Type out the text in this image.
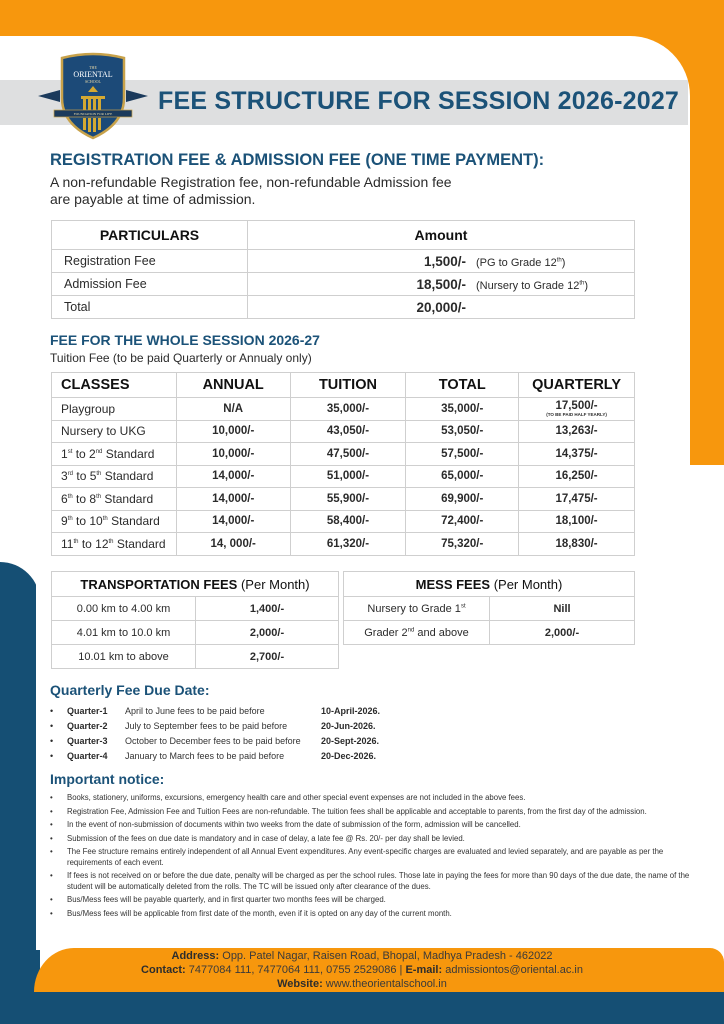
THE
ORIENTAL
SCHOOL
FOUNDATION FOR LIFE FEE STRUCTURE FOR SESSION 2026-2027
REGISTRATION FEE & ADMISSION FEE (ONE TIME PAYMENT):
A non-refundable Registration fee, non-refundable Admission fee
are payable at time of admission.
PARTICULARS	Amount
Registration Fee	1,500/- (PG to Grade 12th)
Admission Fee	18,500/- (Nursery to Grade 12th)
Total	20,000/-
FEE FOR THE WHOLE SESSION 2026-27
Tuition Fee (to be paid Quarterly or Annualy only)
CLASSES	ANNUAL	TUITION	TOTAL	QUARTERLY
Playgroup	N/A	35,000/-	35,000/-	17,500/-
(TO BE PAID HALF YEARLY)

Nursery to UKG	10,000/-	43,050/-	53,050/-	13,263/-
1st to 2nd Standard	10,000/-	47,500/-	57,500/-	14,375/-
3rd to 5th Standard	14,000/-	51,000/-	65,000/-	16,250/-
6th to 8th Standard	14,000/-	55,900/-	69,900/-	17,475/-
9th to 10th Standard	14,000/-	58,400/-	72,400/-	18,100/-
11th to 12th Standard	14, 000/-	61,320/-	75,320/-	18,830/-
TRANSPORTATION FEES (Per Month)	
0.00 km to 4.00 km	1,400/-
4.01 km to 10.0 km	2,000/-
10.01 km to above	2,700/-
MESS FEES (Per Month)	
Nursery to Grade 1st	Nill
Grader 2nd and above	2,000/-
Quarterly Fee Due Date:
• Quarter-1 April to June fees to be paid before	10-April-2026.
• Quarter-2 July to September fees to be paid before	20-Jun-2026.
• Quarter-3 October to December fees to be paid before 20-Sept-2026.
• Quarter-4 January to March fees to be paid before	20-Dec-2026.
Important notice:
• Books, stationery, uniforms, excursions, emergency health care and other special event expenses are not included in the above fees.
• Registration Fee, Admission Fee and Tuition Fees are non-refundable. The tuition fees shall be applicable and acceptable to parents, from the first day of the admission.
• In the event of non-submission of documents within two weeks from the date of submission of the form, admission will be cancelled.
• Submission of the fees on due date is mandatory and in case of delay, a late fee @ Rs. 20/- per day shall be levied.
• The Fee structure remains entirely independent of all Annual Event expenditures. Any event-specific charges are evaluated and levied separately, and are payable as per the requirements of each event.
• If fees is not received on or before the due date, penalty will be charged as per the school rules. Those late in paying the fees for more than 90 days of the due date, the name of the student will be automatically deleted from the rolls. The TC will be issued only after clearance of the dues.
• Bus/Mess fees will be payable quarterly, and in first quarter two months fees will be charged.
• Bus/Mess fees will be applicable from first date of the month, even if it is opted on any day of the current month.
Address: Opp. Patel Nagar, Raisen Road, Bhopal, Madhya Pradesh - 462022
Contact: 7477084 111, 7477064 111, 0755 2529086 | E-mail: admissiontos@oriental.ac.in
Website: www.theorientalschool.in
